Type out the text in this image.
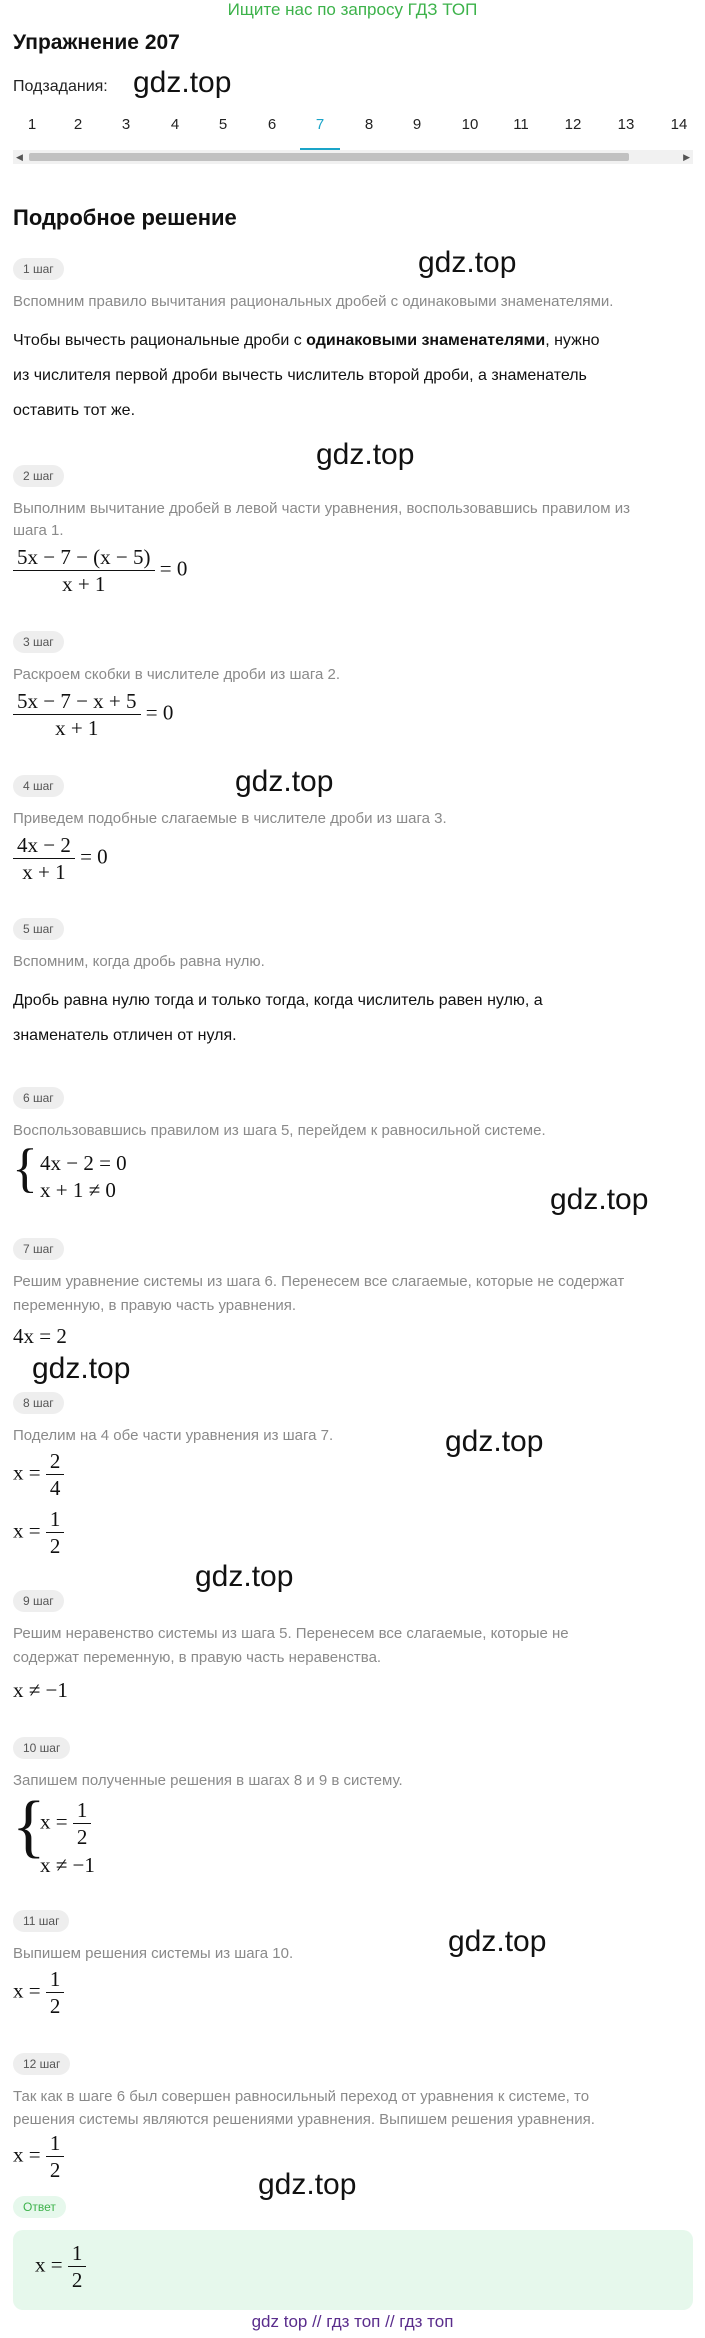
Ищите нас по запросу ГДЗ ТОП
Упражнение 207
Подзадания: gdz.top
1	2	3	4	5	6	7	8	9	10	11	12	13	14
◀	▶
Подробное решение
1 шаг	gdz.top
Вспомним правило вычитания рациональных дробей с одинаковыми знаменателями.
Чтобы вычесть рациональные дроби с одинаковыми знаменателями, нужно
из числителя первой дроби вычесть числитель второй дроби, а знаменатель
оставить тот же.
gdz.top
2 шаг
Выполним вычитание дробей в левой части уравнения, воспользовавшись правилом из
шага 1.
$\frac{5x - 7 - (x - 5)}{x + 1} = 0$
3 шаг
Раскроем скобки в числителе дроби из шага 2.
$\frac{5x - 7 - x + 5}{x + 1} = 0$
gdz.top
4 шаг
Приведем подобные слагаемые в числителе дроби из шага 3.
$\frac{4x - 2}{x + 1} = 0$
5 шаг
Вспомним, когда дробь равна нулю.
Дробь равна нулю тогда и только тогда, когда числитель равен нулю, а
знаменатель отличен от нуля.
6 шаг
Воспользовавшись правилом из шага 5, перейдем к равносильной системе.
{ 4x − 2 = 0
x + 1 ≠ 0	gdz.top
7 шаг
Решим уравнение системы из шага 6. Перенесем все слагаемые, которые не содержат
переменную, в правую часть уравнения.
4x = 2
gdz.top
8 шаг
Поделим на 4 обе части уравнения из шага 7.	gdz.top
$x = \frac{2}{4}$
$x = \frac{1}{2}$
gdz.top
9 шаг
Решим неравенство системы из шага 5. Перенесем все слагаемые, которые не
содержат переменную, в правую часть неравенства.
x ≠ −1
10 шаг
Запишем полученные решения в шагах 8 и 9 в систему.
{
$x = \frac{1}{2}$
x ≠ −1
11 шаг
gdz.top
Выпишем решения системы из шага 10.
$x = \frac{1}{2}$
12 шаг
Так как в шаге 6 был совершен равносильный переход от уравнения к системе, то
решения системы являются решениями уравнения. Выпишем решения уравнения.
$x = \frac{1}{2}$
gdz.top
Ответ
$x = \frac{1}{2}$
gdz top // гдз топ // гдз топ
